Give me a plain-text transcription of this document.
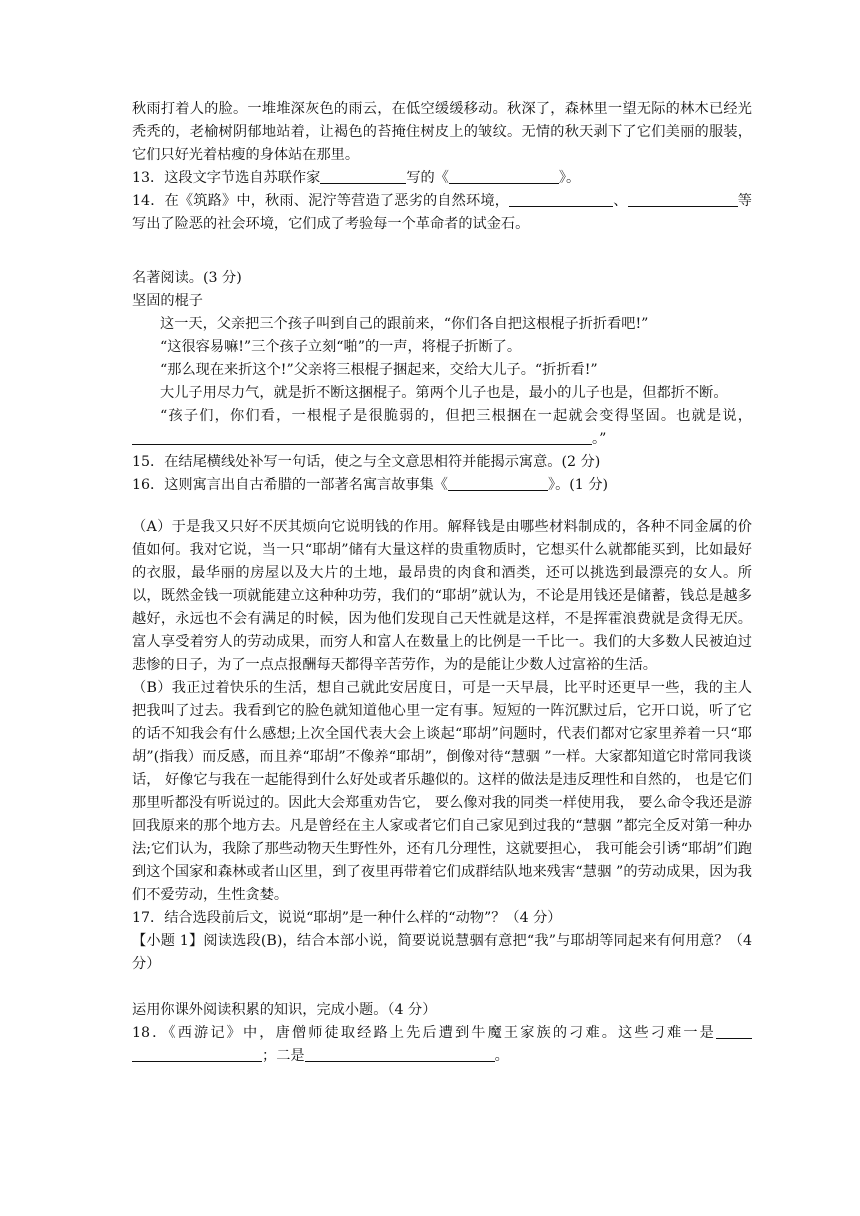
秋雨打着人的脸。一堆堆深灰色的雨云，在低空缓缓移动。秋深了，森林里一望无际的林木已经光秃秃的，老榆树阴郁地站着，让褐色的苔掩住树皮上的皱纹。无情的秋天剥下了它们美丽的服装，它们只好光着枯瘦的身体站在那里。

13．这段文字节选自苏联作家	写的《	》。

14．在《筑路》中，秋雨、泥泞等营造了恶劣的自然环境，	、	等写出了险恶的社会环境，它们成了考验每一个革命者的试金石。

名著阅读。(3 分)

坚固的棍子

这一天，父亲把三个孩子叫到自己的跟前来，“你们各自把这根棍子折折看吧!”

“这很容易嘛!”三个孩子立刻“啪”的一声，将棍子折断了。

“那么现在来折这个!”父亲将三根棍子捆起来，交给大儿子。“折折看!”

大儿子用尽力气，就是折不断这捆棍子。第两个儿子也是，最小的儿子也是，但都折不断。

“孩子们，你们看，一根棍子是很脆弱的，但把三根捆在一起就会变得坚固。也就是说，。”

15．在结尾横线处补写一句话，使之与全文意思相符并能揭示寓意。(2 分)

16．这则寓言出自古希腊的一部著名寓言故事集《	》。(1 分)

（A）于是我又只好不厌其烦向它说明钱的作用。解释钱是由哪些材料制成的，各种不同金属的价值如何。我对它说，当一只“耶胡”储有大量这样的贵重物质时，它想买什么就都能买到，比如最好的衣服，最华丽的房屋以及大片的土地，最昂贵的肉食和酒类，还可以挑选到最漂亮的女人。所以，既然金钱一项就能建立这种种功劳，我们的“耶胡”就认为，不论是用钱还是储蓄，钱总是越多越好，永远也不会有满足的时候，因为他们发现自己天性就是这样，不是挥霍浪费就是贪得无厌。富人享受着穷人的劳动成果，而穷人和富人在数量上的比例是一千比一。我们的大多数人民被迫过悲惨的日子，为了一点点报酬每天都得辛苦劳作，为的是能让少数人过富裕的生活。

（B）我正过着快乐的生活，想自己就此安居度日，可是一天早晨，比平时还更早一些，我的主人把我叫了过去。我看到它的脸色就知道他心里一定有事。短短的一阵沉默过后，它开口说，听了它的话不知我会有什么感想;上次全国代表大会上谈起“耶胡”问题时，代表们都对它家里养着一只“耶胡”(指我）而反感，而且养“耶胡”不像养“耶胡”，倒像对待“慧骃 ”一样。大家都知道它时常同我谈话， 好像它与我在一起能得到什么好处或者乐趣似的。这样的做法是违反理性和自然的， 也是它们那里听都没有听说过的。因此大会郑重劝告它， 要么像对我的同类一样使用我， 要么命令我还是游回我原来的那个地方去。凡是曾经在主人家或者它们自己家见到过我的“慧骃 ”都完全反对第一种办法;它们认为，我除了那些动物天生野性外，还有几分理性，这就要担心， 我可能会引诱“耶胡”们跑到这个国家和森林或者山区里，到了夜里再带着它们成群结队地来残害“慧骃 ”的劳动成果，因为我们不爱劳动，生性贪婪。

17．结合选段前后文，说说“耶胡”是一种什么样的“动物”？（4 分）

【小题 1】阅读选段(B)，结合本部小说，简要说说慧骃有意把“我”与耶胡等同起来有何用意？（4 分）

运用你课外阅读积累的知识，完成小题。（4 分）

18．《西游记》中，唐僧师徒取经路上先后遭到牛魔王家族的刁难。这些刁难一是；二是	。
